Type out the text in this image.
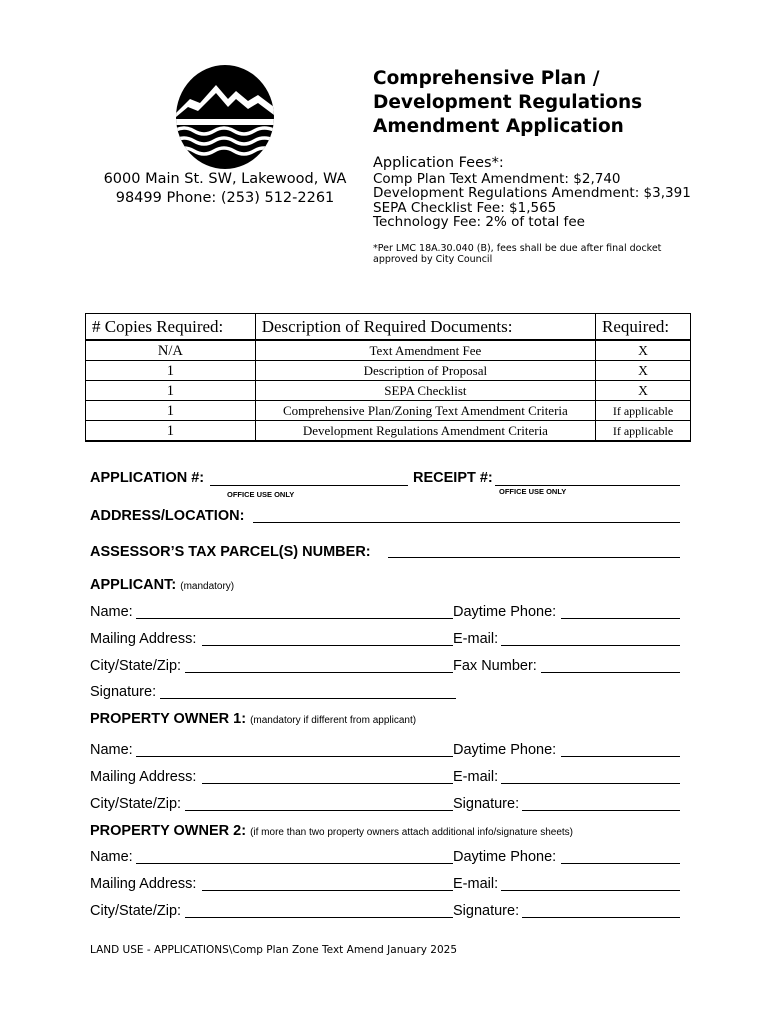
6000 Main St. SW, Lakewood, WA
98499 Phone: (253) 512-2261
Comprehensive Plan /
Development Regulations
Amendment Application
Application Fees*:
Comp Plan Text Amendment: $2,740
Development Regulations Amendment: $3,391
SEPA Checklist Fee: $1,565
Technology Fee: 2% of total fee
*Per LMC 18A.30.040 (B), fees shall be due after final docket
approved by City Council
# Copies Required:	Description of Required Documents:	Required:
N/A	Text Amendment Fee	X
1	Description of Proposal	X
1	SEPA Checklist	X
1	Comprehensive Plan/Zoning Text Amendment Criteria	If applicable
1	Development Regulations Amendment Criteria	If applicable
APPLICATION #:
OFFICE USE ONLY
RECEIPT #:
OFFICE USE ONLY
ADDRESS/LOCATION:
ASSESSOR’S TAX PARCEL(S) NUMBER:
APPLICANT: (mandatory)
Name:	Daytime Phone:
Mailing Address:	E-mail:
City/State/Zip:	Fax Number:
Signature:
PROPERTY OWNER 1: (mandatory if different from applicant)
Name:	Daytime Phone:
Mailing Address:	E-mail:
City/State/Zip:	Signature:
PROPERTY OWNER 2: (if more than two property owners attach additional info/signature sheets)
Name:	Daytime Phone:
Mailing Address:	E-mail:
City/State/Zip:	Signature:
LAND USE - APPLICATIONS\Comp Plan Zone Text Amend January 2025
